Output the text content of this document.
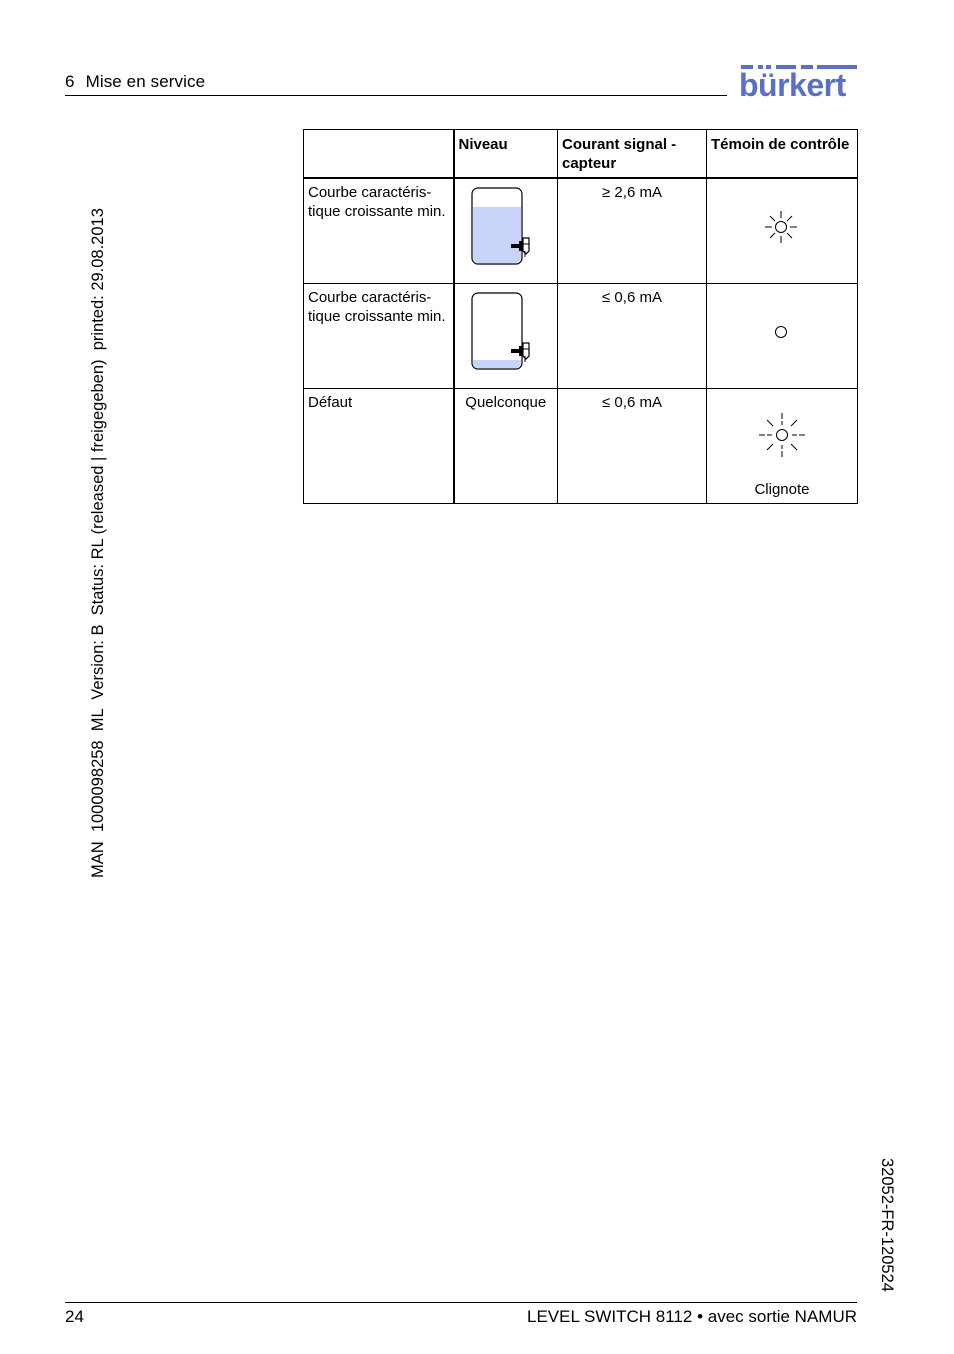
6 Mise en service	bürkert
MAN  1000098258  ML  Version: B  Status: RL (released | freigegeben)  printed: 29.08.2013
32052-FR-120524
	Niveau	Courant signal - capteur	Témoin de contrôle
Courbe caractéris-tique croissante min.		≥ 2,6 mA	

Courbe caractéris-tique croissante min.		≤ 0,6 mA	

Défaut	Quelconque	≤ 0,6 mA	Clignote
24	LEVEL SWITCH 8112 • avec sortie NAMUR
